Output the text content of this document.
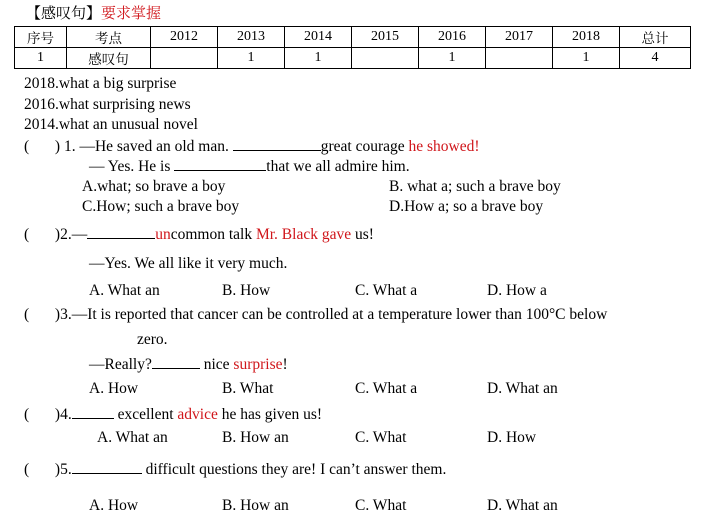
【感叹句】要求掌握
序号	考点	2012	2013	2014	2015	2016	2017	2018	总计
1	感叹句		1	1		1		1	4
2018.what a big surprise
2016.what surprising news
2014.what an unusual novel
( ) 1. —He saved an old man.	great courage he showed!
— Yes. He is	that we all admire him.
A.what; so brave a boy	B. what a; such a brave boy
C.How; such a brave boy	D.How a; so a brave boy
( )2.—	uncommon talk Mr. Black gave us!
—Yes. We all like it very much.
A. What an	B. How	C. What a	D. How a
( )3.—It is reported that cancer can be controlled at a temperature lower than 100°C below
zero.
—Really?	nice surprise!
A. How	B. What	C. What a	D. What an
( )4.	excellent advice he has given us!
A. What an	B. How an	C. What	D. How
( )5.	difficult questions they are! I can’t answer them.
A. How	B. How an	C. What	D. What an
